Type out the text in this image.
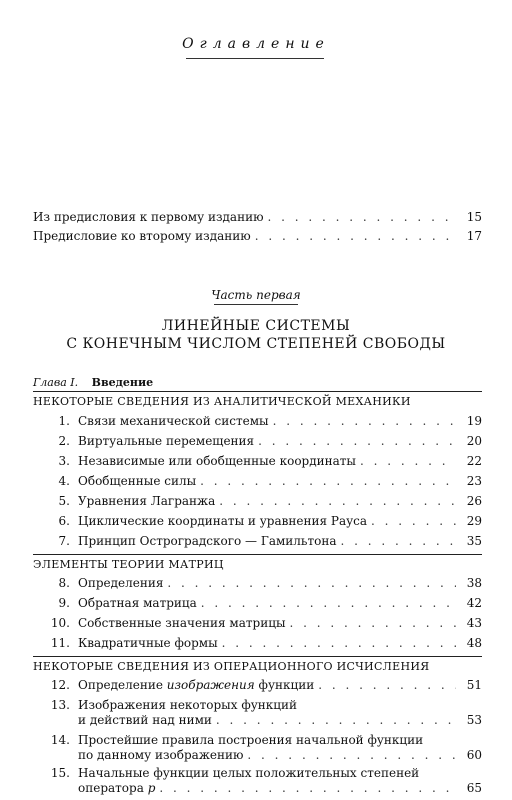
Оглавление
Из предисловия к первому изданию . . .	15
Предисловие ко второму изданию . . .	17
Часть первая
ЛИНЕЙНЫЕ СИСТЕМЫ
С КОНЕЧНЫМ ЧИСЛОМ СТЕПЕНЕЙ СВОБОДЫ
Глава I. Введение
НЕКОТОРЫЕ СВЕДЕНИЯ ИЗ АНАЛИТИЧЕСКОЙ МЕХАНИКИ
1. Связи механической системы . . .	19
2. Виртуальные перемещения . . .	20
3. Независимые или обобщенные координаты . . .	22
4. Обобщенные силы . . .	23
5. Уравнения Лагранжа . . .	26
6. Циклические координаты и уравнения Рауса . . .	29
7. Принцип Остроградского — Гамильтона . . .	35
ЭЛЕМЕНТЫ ТЕОРИИ МАТРИЦ
8. Определения . . .	38
9. Обратная матрица . . .	42
10. Собственные значения матрицы . . .	43
11. Квадратичные формы . . .	48
НЕКОТОРЫЕ СВЕДЕНИЯ ИЗ ОПЕРАЦИОННОГО ИСЧИСЛЕНИЯ
12. Определение изображения функции . . .	51
13. Изображения некоторых функций
и действий над ними . . .	53
14. Простейшие правила построения начальной функции
по данному изображению . . .	60
15. Начальные функции целых положительных степеней
оператора p . . .	65
